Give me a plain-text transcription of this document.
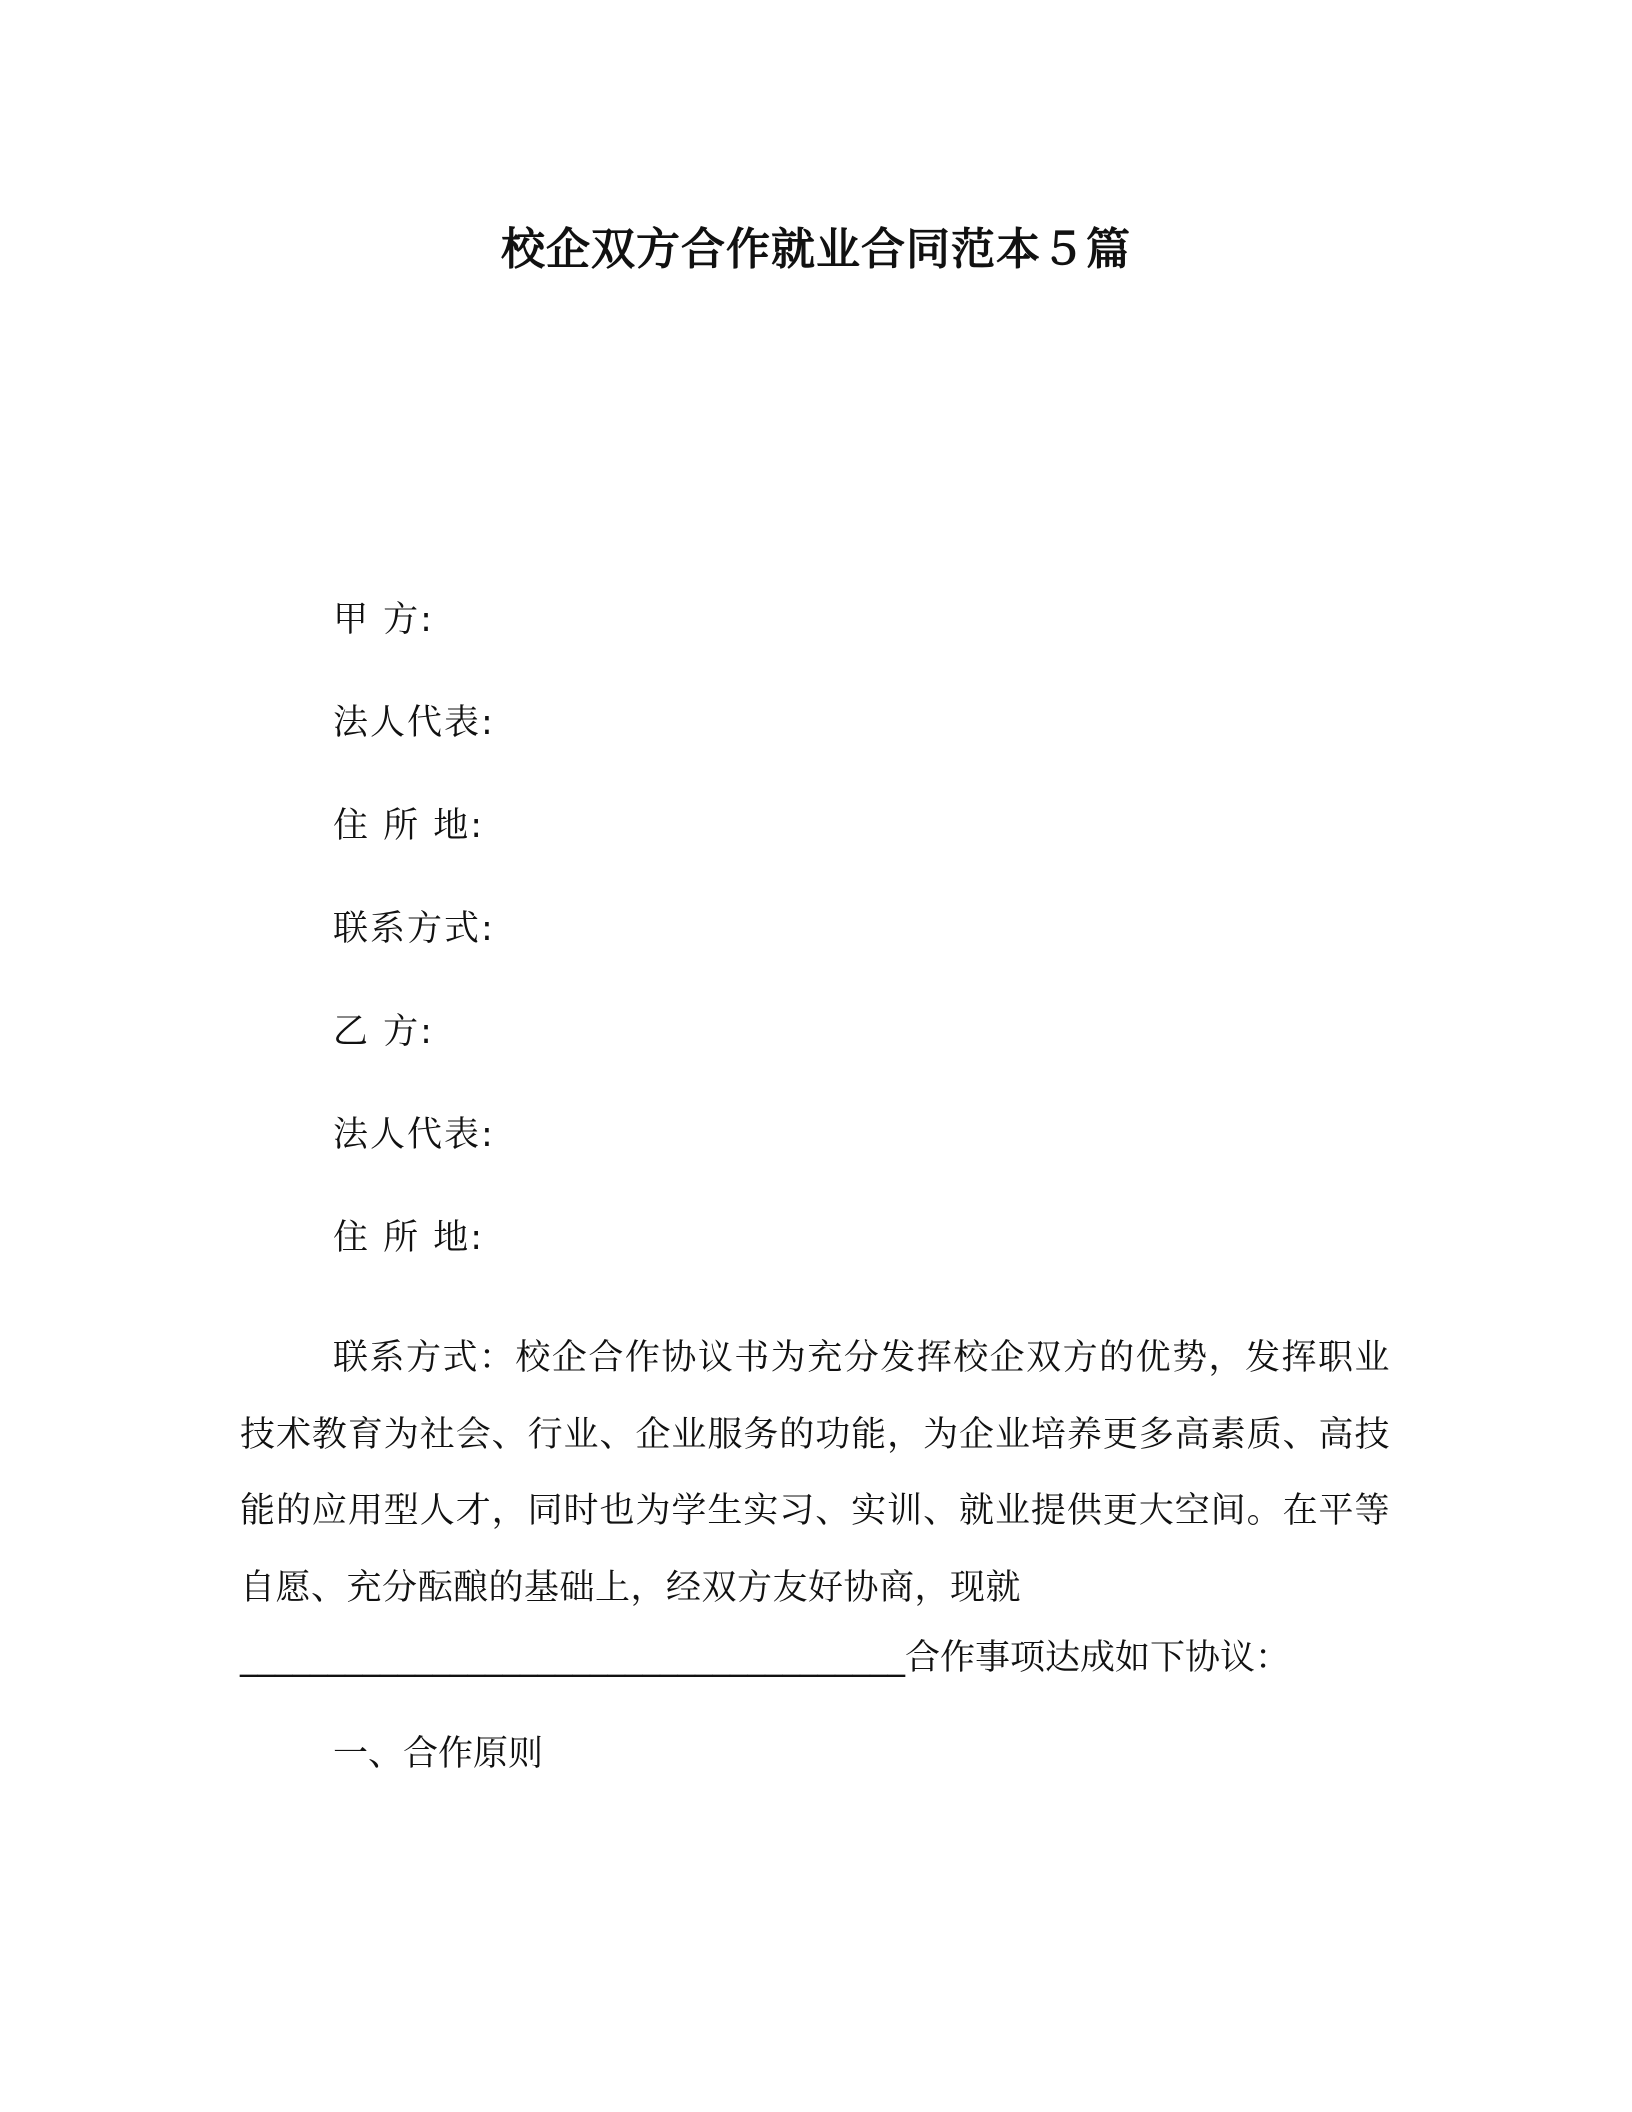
校企双方合作就业合同范本５篇
甲 方:
法人代表:
住 所 地:
联系方式:
乙 方:
法人代表:
住 所 地:
联系方式：校企合作协议书为充分发挥校企双方的优势，发挥职业技术教育为社会、行业、企业服务的功能，为企业培养更多高素质、高技能的应用型人才，同时也为学生实习、实训、就业提供更大空间。在平等自愿、充分酝酿的基础上，经双方友好协商，现就
______________________________________合作事项达成如下协议：
一、合作原则
